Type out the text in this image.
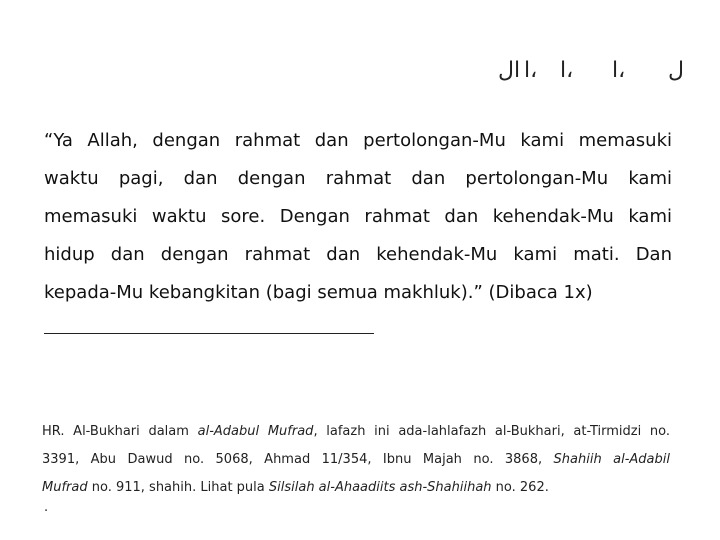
ل
ا،
ا،
ا،
ال
“Ya Allah, dengan rahmat dan pertolongan-Mu kami memasuki
waktu pagi, dan dengan rahmat dan pertolongan-Mu kami
memasuki waktu sore. Dengan rahmat dan kehendak-Mu kami
hidup dan dengan rahmat dan kehendak-Mu kami mati. Dan
kepada-Mu kebangkitan (bagi semua makhluk).” (Dibaca 1x)
HR. Al-Bukhari dalam al-Adabul Mufrad, lafazh ini ada-lahlafazh al-Bukhari, at-Tirmidzi no.
3391, Abu Dawud no. 5068, Ahmad 11/354, Ibnu Majah no. 3868, Shahiih al-Adabil
Mufrad no. 911, shahih. Lihat pula Silsilah al-Ahaadiits ash-Shahiihah no. 262.
.
